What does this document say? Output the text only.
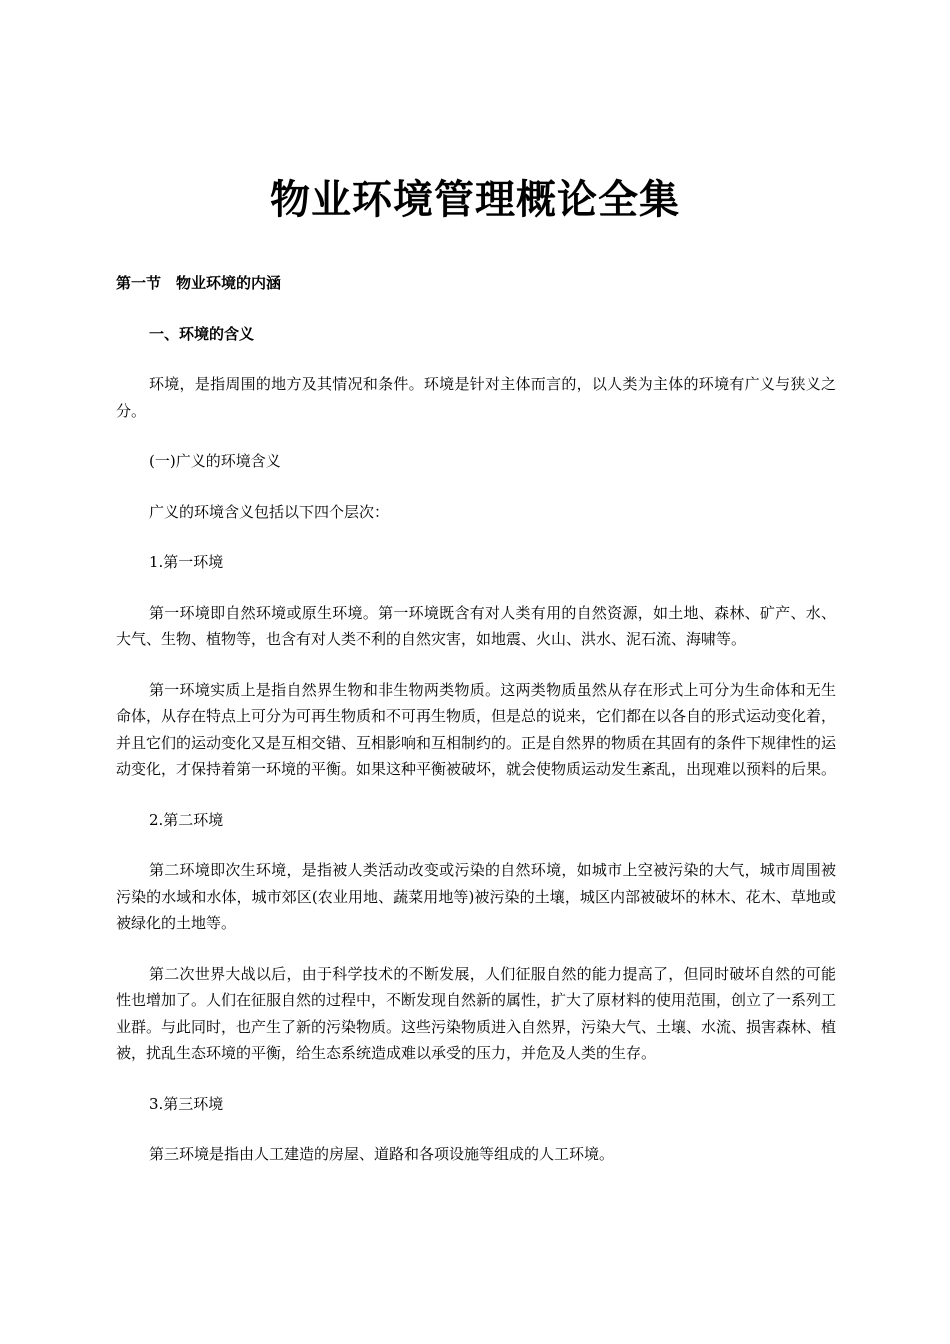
物业环境管理概论全集

第一节　物业环境的内涵

一、环境的含义

环境，是指周围的地方及其情况和条件。环境是针对主体而言的，以人类为主体的环境有广义与狭义之分。

(一)广义的环境含义

广义的环境含义包括以下四个层次：

1.第一环境

第一环境即自然环境或原生环境。第一环境既含有对人类有用的自然资源，如土地、森林、矿产、水、大气、生物、植物等，也含有对人类不利的自然灾害，如地震、火山、洪水、泥石流、海啸等。

第一环境实质上是指自然界生物和非生物两类物质。这两类物质虽然从存在形式上可分为生命体和无生命体，从存在特点上可分为可再生物质和不可再生物质，但是总的说来，它们都在以各自的形式运动变化着，并且它们的运动变化又是互相交错、互相影响和互相制约的。正是自然界的物质在其固有的条件下规律性的运动变化，才保持着第一环境的平衡。如果这种平衡被破坏，就会使物质运动发生紊乱，出现难以预料的后果。

2.第二环境

第二环境即次生环境，是指被人类活动改变或污染的自然环境，如城市上空被污染的大气，城市周围被污染的水域和水体，城市郊区(农业用地、蔬菜用地等)被污染的土壤，城区内部被破坏的林木、花木、草地或被绿化的土地等。

第二次世界大战以后，由于科学技术的不断发展，人们征服自然的能力提高了，但同时破坏自然的可能性也增加了。人们在征服自然的过程中，不断发现自然新的属性，扩大了原材料的使用范围，创立了一系列工业群。与此同时，也产生了新的污染物质。这些污染物质进入自然界，污染大气、土壤、水流、损害森林、植被，扰乱生态环境的平衡，给生态系统造成难以承受的压力，并危及人类的生存。

3.第三环境

第三环境是指由人工建造的房屋、道路和各项设施等组成的人工环境。
